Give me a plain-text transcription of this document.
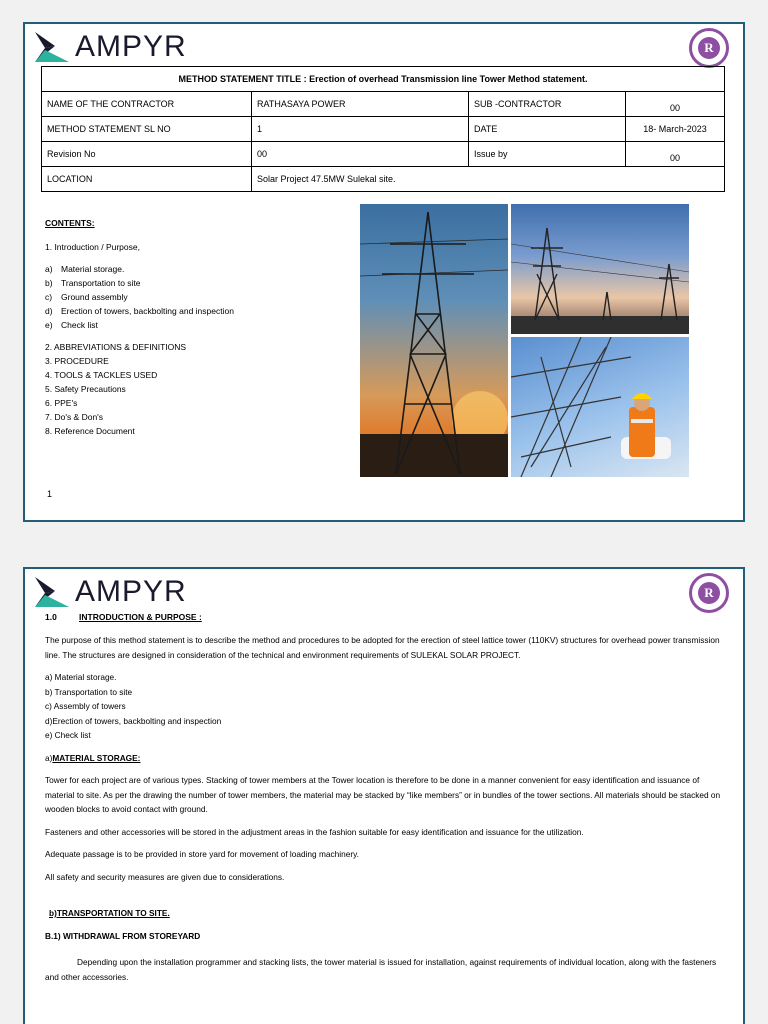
AMPYR	R
METHOD STATEMENT TITLE : Erection of overhead Transmission line Tower Method statement.			
NAME OF THE CONTRACTOR	RATHASAYA POWER	SUB -CONTRACTOR	00
METHOD STATEMENT SL NO	1	DATE	18- March-2023
Revision No	00	Issue by	00
LOCATION	Solar Project 47.5MW Sulekal site.		
CONTENTS:
1. Introduction / Purpose,
a) Material storage.
b) Transportation to site
c) Ground assembly
d) Erection of towers, backbolting and inspection
e) Check list
2. ABBREVIATIONS & DEFINITIONS
3. PROCEDURE
4. TOOLS & TACKLES USED
5. Safety Precautions
6. PPE's
7. Do's & Don's
8. Reference Document
1
AMPYR	R
1.0	INTRODUCTION & PURPOSE :

The purpose of this method statement is to describe the method and procedures to be adopted for the erection of steel lattice tower (110KV) structures for overhead power transmission line. The structures are designed in consideration of the technical and environment requirements of SULEKAL SOLAR PROJECT.

a) Material storage.

b) Transportation to site

c) Assembly of towers

d)Erection of towers, backbolting and inspection

e) Check list

a)MATERIAL STORAGE:

Tower for each project are of various types. Stacking of tower members at the Tower location is therefore to be done in a manner convenient for easy identification and issuance of material to site. As per the drawing the number of tower members, the material may be stacked by “like members” or in bundles of the tower sections. All materials should be stacked on wooden blocks to avoid contact with ground.

Fasteners and other accessories will be stored in the adjustment areas in the fashion suitable for easy identification and issuance for the utilization.

Adequate passage is to be provided in store yard for movement of loading machinery.

All safety and security measures are given due to considerations.

b)TRANSPORTATION TO SITE.

B.1) WITHDRAWAL FROM STOREYARD

Depending upon the installation programmer and stacking lists, the tower material is issued for installation, against requirements of individual location, along with the fasteners and other accessories.
